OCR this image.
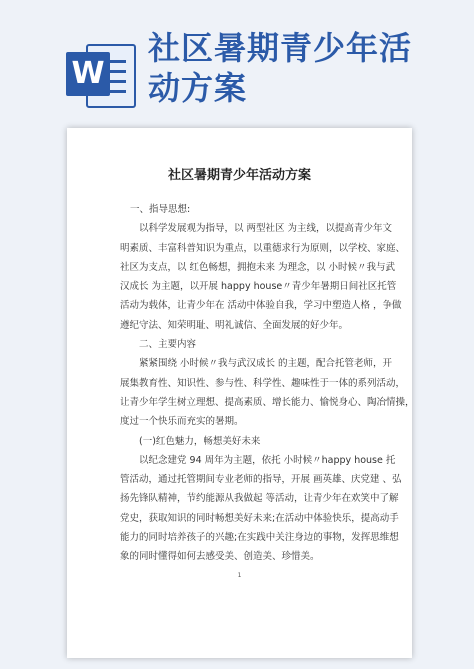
W
社区暑期青少年活
动方案
社区暑期青少年活动方案

一、指导思想:

以科学发展观为指导，以 两型社区 为主线，以提高青少年文

明素质、丰富科普知识为重点，以重德求行为原则，以学校、家庭、

社区为支点，以 红色畅想，拥抱未来 为理念，以 小时候〃我与武

汉成长 为主题，以开展 happy house〃青少年暑期日间社区托管

活动为载体，让青少年在 活动中体验自我，学习中塑造人格 ，争做

遵纪守法、知荣明耻、明礼诚信、全面发展的好少年。

二、主要内容

紧紧围绕 小时候〃我与武汉成长 的主题，配合托管老师，开

展集教育性、知识性、参与性、科学性、趣味性于一体的系列活动，

让青少年学生树立理想、提高素质、增长能力、愉悦身心、陶冶情操，

度过一个快乐而充实的暑期。

(一)红色魅力，畅想美好未来

以纪念建党 94 周年为主题，依托 小时候〃happy house 托

管活动，通过托管期间专业老师的指导，开展 画英雄、庆党建 、弘

扬先锋队精神，节约能源从我做起 等活动，让青少年在欢笑中了解

党史，获取知识的同时畅想美好未来;在活动中体验快乐，提高动手

能力的同时培养孩子的兴趣;在实践中关注身边的事物，发挥思维想

象的同时懂得如何去感受美、创造美、珍惜美。

1
